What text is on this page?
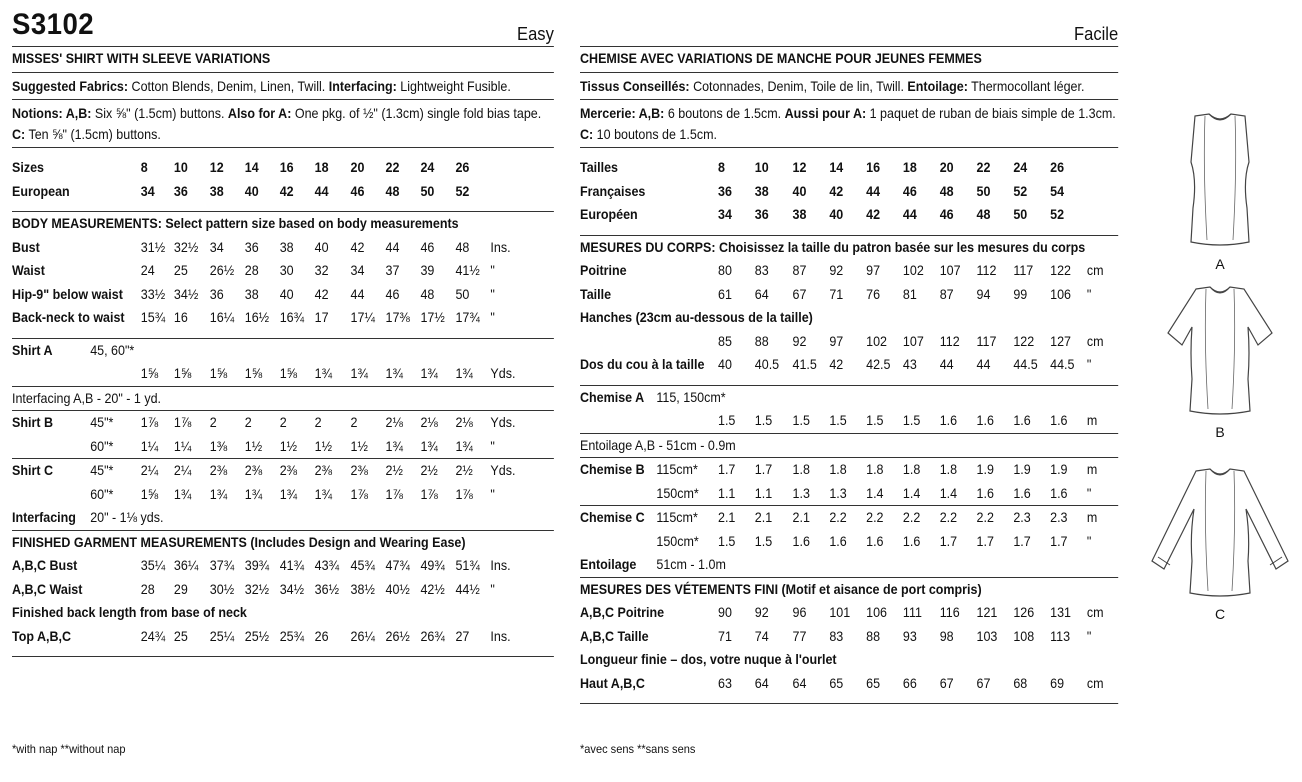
S3102	Easy
MISSES' SHIRT WITH SLEEVE VARIATIONS
Suggested Fabrics: Cotton Blends, Denim, Linen, Twill. Interfacing: Lightweight Fusible.
Notions: A,B: Six ⅝" (1.5cm) buttons. Also for A: One pkg. of ½" (1.3cm) single fold bias tape. C: Ten ⅝" (1.5cm) buttons.
Sizes	8 10 12 14 16 18 20 22 24 26
European	34 36 38 40 42 44 46 48 50 52
BODY MEASUREMENTS: Select pattern size based on body measurements
Bust	31½ 32½ 34 36 38 40 42 44 46 48 Ins.
Waist	24 25 26½ 28 30 32 34 37 39 41½ "
Hip-9" below waist 33½ 34½ 36 38 40 42 44 46 48 50 "
Back-neck to waist 15¾ 16 16¼ 16½ 16¾ 17 17¼ 17⅜ 17½ 17¾ "
Shirt A	45, 60"*
1⅝ 1⅝ 1⅝ 1⅝ 1⅝ 1¾ 1¾ 1¾ 1¾ 1¾ Yds.
Interfacing A,B - 20" - 1 yd.
Shirt B	45"* 1⅞ 1⅞ 2 2 2 2 2 2⅛ 2⅛ 2⅛ Yds.
60"* 1¼ 1¼ 1⅜ 1½ 1½ 1½ 1½ 1¾ 1¾ 1¾ "
Shirt C	45"* 2¼ 2¼ 2⅜ 2⅜ 2⅜ 2⅜ 2⅜ 2½ 2½ 2½ Yds.
60"* 1⅝ 1¾ 1¾ 1¾ 1¾ 1¾ 1⅞ 1⅞ 1⅞ 1⅞ "
Interfacing 20" - 1⅛ yds.
FINISHED GARMENT MEASUREMENTS (Includes Design and Wearing Ease)
A,B,C Bust	35¼ 36¼ 37¾ 39¾ 41¾ 43¾ 45¾ 47¾ 49¾ 51¾ Ins.
A,B,C Waist	28 29 30½ 32½ 34½ 36½ 38½ 40½ 42½ 44½ "
Finished back length from base of neck
Top A,B,C	24¾ 25 25¼ 25½ 25¾ 26 26¼ 26½ 26¾ 27 Ins.
*with nap **without nap
Facile
CHEMISE AVEC VARIATIONS DE MANCHE POUR JEUNES FEMMES
Tissus Conseillés: Cotonnades, Denim, Toile de lin, Twill. Entoilage: Thermocollant léger.
Mercerie: A,B: 6 boutons de 1.5cm. Aussi pour A: 1 paquet de ruban de biais simple de 1.3cm. C: 10 boutons de 1.5cm.
Tailles	8 10 12 14 16 18 20 22 24 26
Françaises	36 38 40 42 44 46 48 50 52 54
Européen	34 36 38 40 42 44 46 48 50 52
MESURES DU CORPS: Choisissez la taille du patron basée sur les mesures du corps
Poitrine	80 83 87 92 97 102 107 112 117 122 cm
Taille	61 64 67 71 76 81 87 94 99 106 "
Hanches (23cm au-dessous de la taille)
85 88 92 97 102 107 112 117 122 127 cm
Dos du cou à la taille 40 40.5 41.5 42 42.5 43 44 44 44.5 44.5 "
Chemise A 115, 150cm*
1.5 1.5 1.5 1.5 1.5 1.5 1.6 1.6 1.6 1.6 m
Entoilage A,B - 51cm - 0.9m
Chemise B 115cm* 1.7 1.7 1.8 1.8 1.8 1.8 1.8 1.9 1.9 1.9 m
150cm* 1.1 1.1 1.3 1.3 1.4 1.4 1.4 1.6 1.6 1.6 "
Chemise C 115cm* 2.1 2.1 2.1 2.2 2.2 2.2 2.2 2.2 2.3 2.3 m
150cm* 1.5 1.5 1.6 1.6 1.6 1.6 1.7 1.7 1.7 1.7 "
Entoilage 51cm - 1.0m
MESURES DES VÉTEMENTS FINI (Motif et aisance de port compris)
A,B,C Poitrine	90 92 96 101 106 111 116 121 126 131 cm
A,B,C Taille	71 74 77 83 88 93 98 103 108 113 "
Longueur finie – dos, votre nuque à l'ourlet
Haut A,B,C	63 64 64 65 65 66 67 67 68 69 cm
*avec sens **sans sens
A
B
C
